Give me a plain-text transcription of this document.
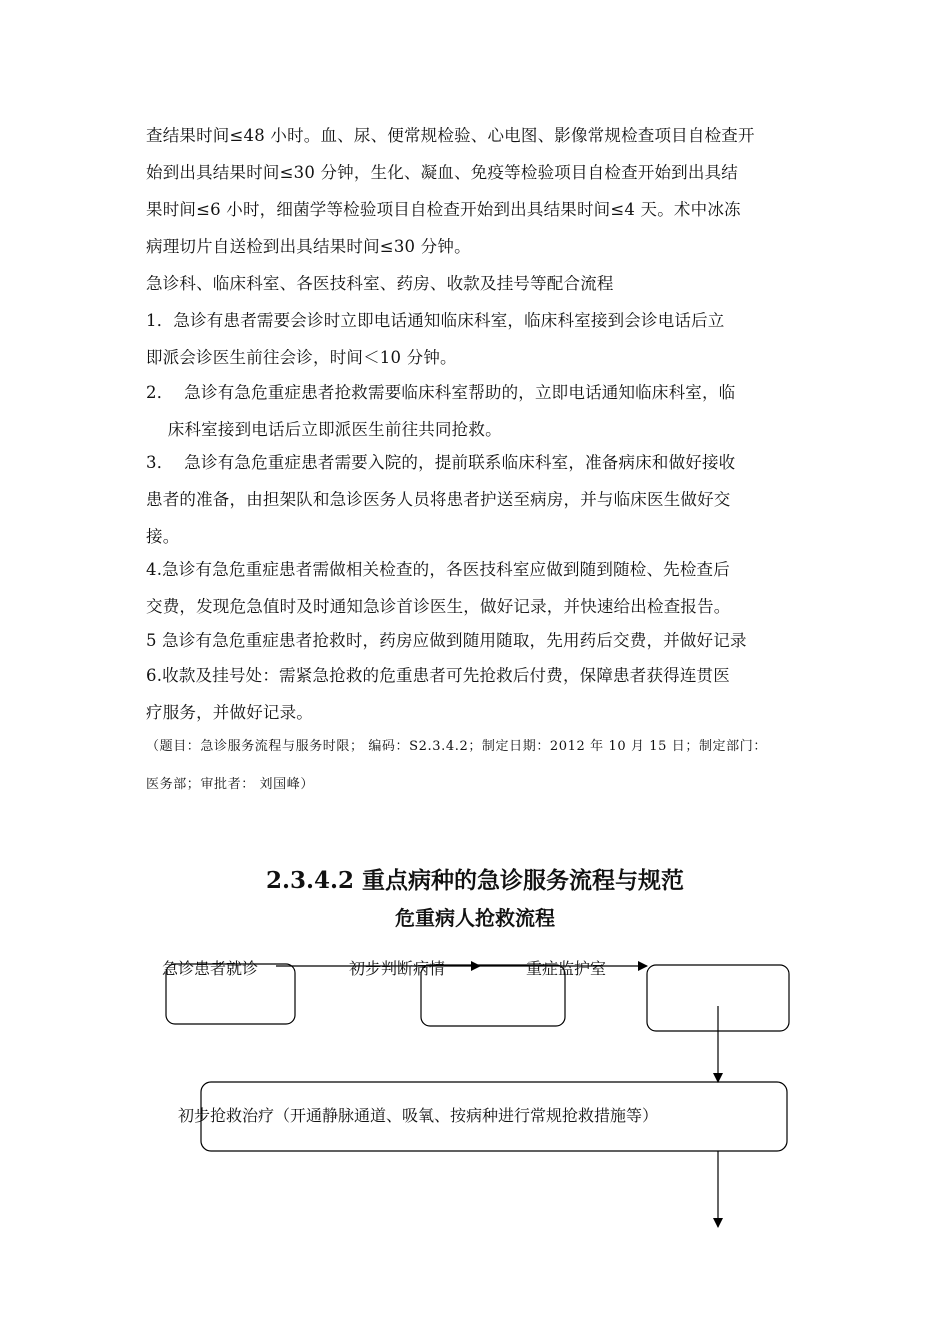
查结果时间≤48 小时。血、尿、便常规检验、心电图、影像常规检查项目自检查开
始到出具结果时间≤30 分钟，生化、凝血、免疫等检验项目自检查开始到出具结
果时间≤6 小时，细菌学等检验项目自检查开始到出具结果时间≤4 天。术中冰冻
病理切片自送检到出具结果时间≤30 分钟。
急诊科、临床科室、各医技科室、药房、收款及挂号等配合流程
1．急诊有患者需要会诊时立即电话通知临床科室，临床科室接到会诊电话后立
即派会诊医生前往会诊，时间＜10 分钟。
2．  急诊有急危重症患者抢救需要临床科室帮助的，立即电话通知临床科室，临
床科室接到电话后立即派医生前往共同抢救。
3．  急诊有急危重症患者需要入院的，提前联系临床科室，准备病床和做好接收
患者的准备，由担架队和急诊医务人员将患者护送至病房，并与临床医生做好交
接。
4.急诊有急危重症患者需做相关检查的，各医技科室应做到随到随检、先检查后
交费，发现危急值时及时通知急诊首诊医生，做好记录，并快速给出检查报告。
5 急诊有急危重症患者抢救时，药房应做到随用随取，先用药后交费，并做好记录
6.收款及挂号处：需紧急抢救的危重患者可先抢救后付费，保障患者获得连贯医
疗服务，并做好记录。
（题目：急诊服务流程与服务时限； 编码：S2.3.4.2；制定日期：2012 年 10 月 15 日；制定部门：
医务部；审批者： 刘国峰）
2.3.4.2 重点病种的急诊服务流程与规范
危重病人抢救流程
急诊患者就诊	初步判断病情	重症监护室
初步抢救治疗（开通静脉通道、吸氧、按病种进行常规抢救措施等）
